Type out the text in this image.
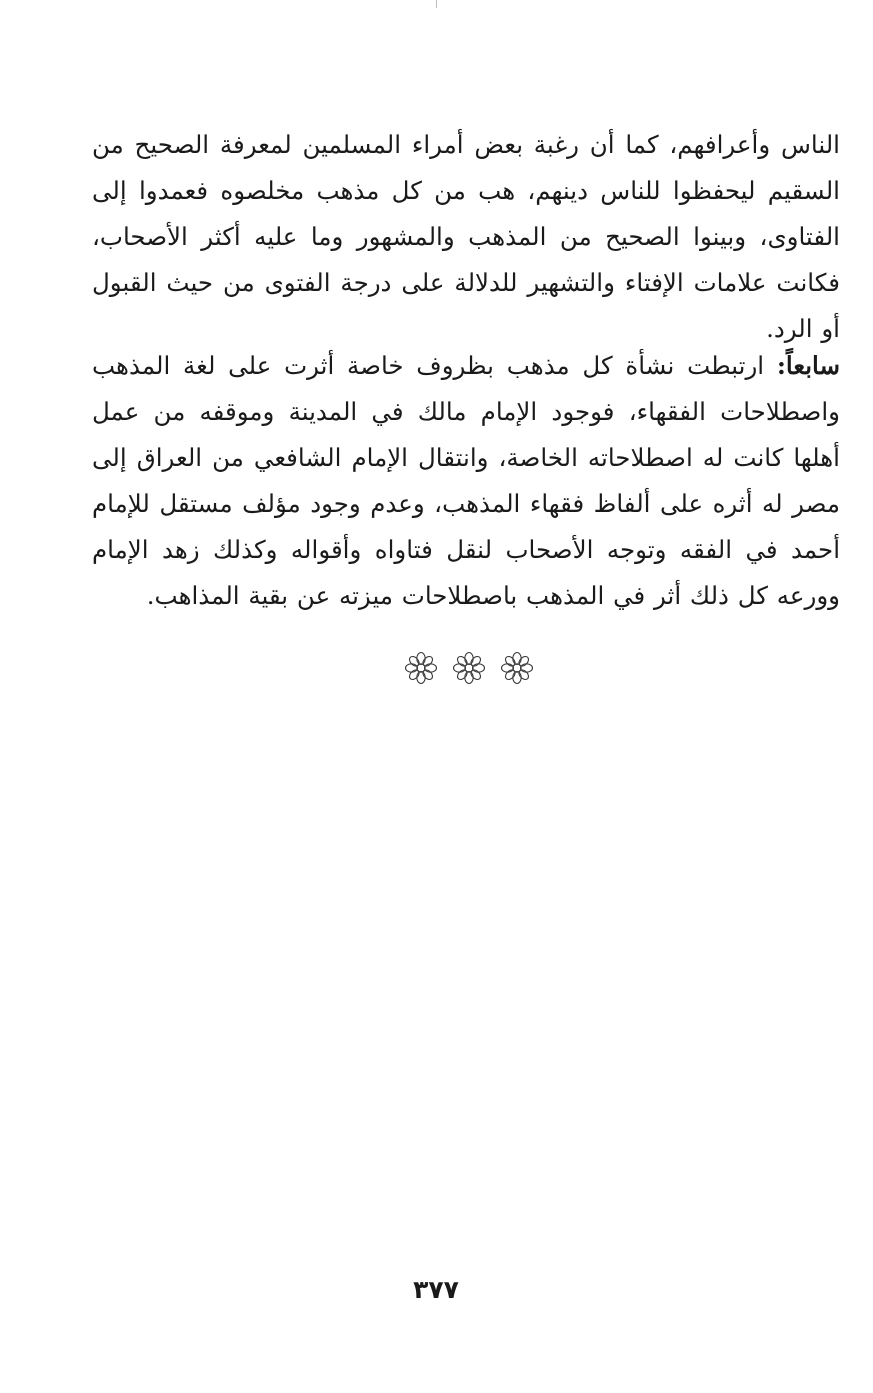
الناس وأعرافهم، كما أن رغبة بعض أمراء المسلمين لمعرفة الصحيح من السقيم ليحفظوا للناس دينهم، هب من كل مذهب مخلصوه فعمدوا إلى الفتاوى، وبينوا الصحيح من المذهب والمشهور وما عليه أكثر الأصحاب، فكانت علامات الإفتاء والتشهير للدلالة على درجة الفتوى من حيث القبول أو الرد.

سابعاً: ارتبطت نشأة كل مذهب بظروف خاصة أثرت على لغة المذهب واصطلاحات الفقهاء، فوجود الإمام مالك في المدينة وموقفه من عمل أهلها كانت له اصطلاحاته الخاصة، وانتقال الإمام الشافعي من العراق إلى مصر له أثره على ألفاظ فقهاء المذهب، وعدم وجود مؤلف مستقل للإمام أحمد في الفقه وتوجه الأصحاب لنقل فتاواه وأقواله وكذلك زهد الإمام وورعه كل ذلك أثر في المذهب باصطلاحات ميزته عن بقية المذاهب.

٣٧٧
